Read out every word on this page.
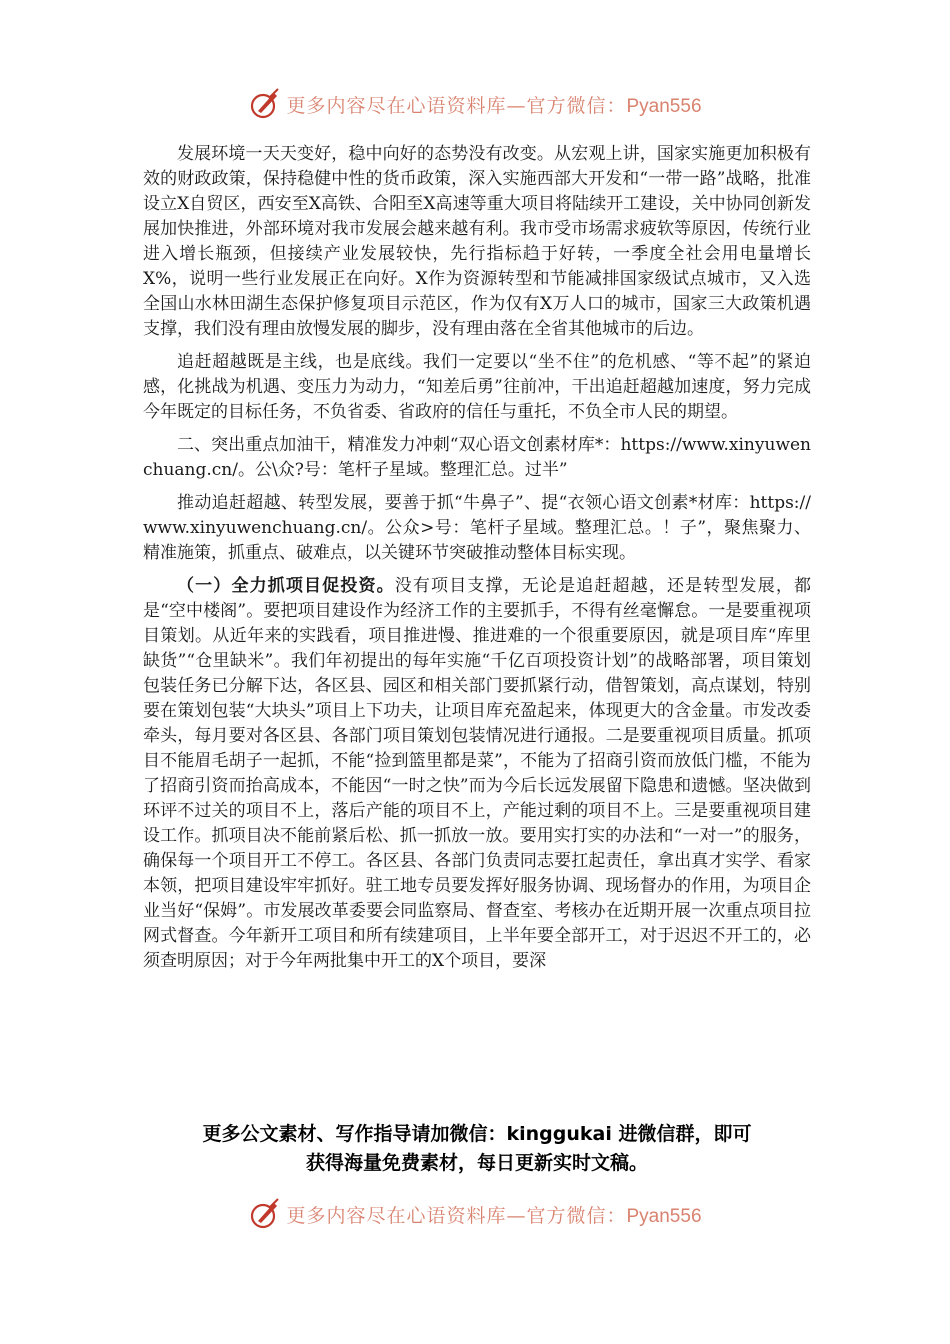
更多内容尽在心语资料库—官方微信：Pyan556

发展环境一天天变好，稳中向好的态势没有改变。从宏观上讲，国家实施更加积极有效的财政政策，保持稳健中性的货币政策，深入实施西部大开发和“一带一路”战略，批准设立X自贸区，西安至X高铁、合阳至X高速等重大项目将陆续开工建设，关中协同创新发展加快推进，外部环境对我市发展会越来越有利。我市受市场需求疲软等原因，传统行业进入增长瓶颈，但接续产业发展较快，先行指标趋于好转，一季度全社会用电量增长X%，说明一些行业发展正在向好。X作为资源转型和节能减排国家级试点城市，又入选全国山水林田湖生态保护修复项目示范区，作为仅有X万人口的城市，国家三大政策机遇支撑，我们没有理由放慢发展的脚步，没有理由落在全省其他城市的后边。

追赶超越既是主线，也是底线。我们一定要以“坐不住”的危机感、“等不起”的紧迫感，化挑战为机遇、变压力为动力，“知差后勇”往前冲，干出追赶超越加速度，努力完成今年既定的目标任务，不负省委、省政府的信任与重托，不负全市人民的期望。

二、突出重点加油干，精准发力冲刺“双心语文创素材库*：https://www.xinyuwenchuang.cn/。公\众?号：笔杆子星域。整理汇总。过半”

推动追赶超越、转型发展，要善于抓“牛鼻子”、提“衣领心语文创素*材库：https://www.xinyuwenchuang.cn/。公众>号：笔杆子星域。整理汇总。！子”，聚焦聚力、精准施策，抓重点、破难点，以关键环节突破推动整体目标实现。

（一）全力抓项目促投资。没有项目支撑，无论是追赶超越，还是转型发展，都是“空中楼阁”。要把项目建设作为经济工作的主要抓手，不得有丝毫懈怠。一是要重视项目策划。从近年来的实践看，项目推进慢、推进难的一个很重要原因，就是项目库“库里缺货”“仓里缺米”。我们年初提出的每年实施“千亿百项投资计划”的战略部署，项目策划包装任务已分解下达，各区县、园区和相关部门要抓紧行动，借智策划，高点谋划，特别要在策划包装“大块头”项目上下功夫，让项目库充盈起来，体现更大的含金量。市发改委牵头，每月要对各区县、各部门项目策划包装情况进行通报。二是要重视项目质量。抓项目不能眉毛胡子一起抓，不能“捡到篮里都是菜”，不能为了招商引资而放低门槛，不能为了招商引资而抬高成本，不能因“一时之快”而为今后长远发展留下隐患和遗憾。坚决做到环评不过关的项目不上，落后产能的项目不上，产能过剩的项目不上。三是要重视项目建设工作。抓项目决不能前紧后松、抓一抓放一放。要用实打实的办法和“一对一”的服务，确保每一个项目开工不停工。各区县、各部门负责同志要扛起责任，拿出真才实学、看家本领，把项目建设牢牢抓好。驻工地专员要发挥好服务协调、现场督办的作用，为项目企业当好“保姆”。市发展改革委要会同监察局、督查室、考核办在近期开展一次重点项目拉网式督查。今年新开工项目和所有续建项目，上半年要全部开工，对于迟迟不开工的，必须查明原因；对于今年两批集中开工的X个项目，要深

更多公文素材、写作指导请加微信：kinggukai 进微信群，即可
获得海量免费素材，每日更新实时文稿。
更多内容尽在心语资料库—官方微信：Pyan556
